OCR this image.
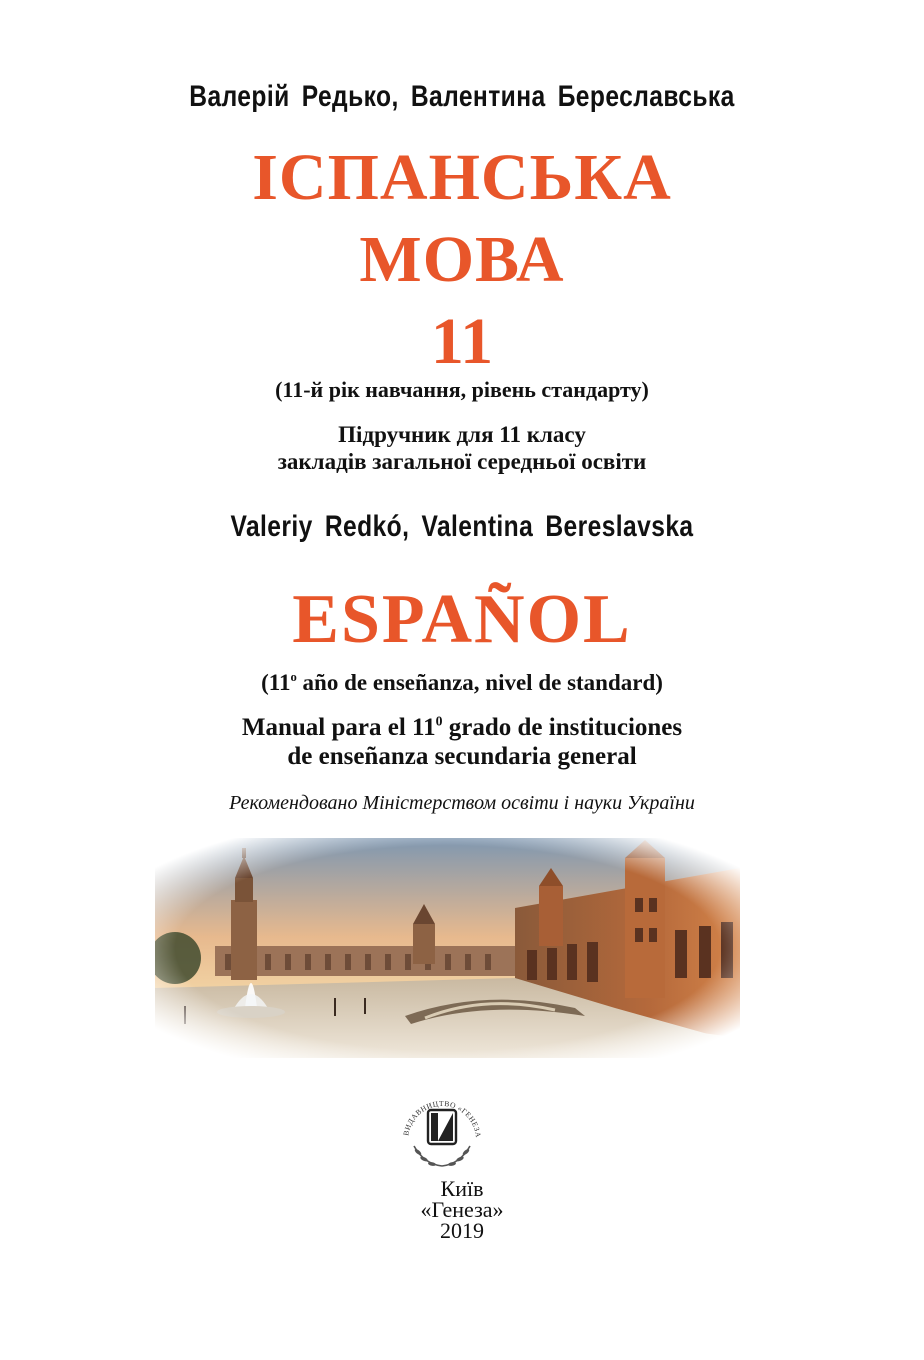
Валерій Редько, Валентина Береславська
ІСПАНСЬКА
МОВА
11
(11-й рік навчання, рівень стандарту)
Підручник для 11 класу
закладів загальної середньої освіти
Valeriy Redkó, Valentina Bereslavska
ESPAÑOL
(11$^o$ año de enseñanza, nivel de standard)
Manual para el $11^0$ grado de instituciones
de enseñanza secundaria general
Рекомендовано Міністерством освіти і науки України
ВИДАВНИЦТВО «ГЕНЕЗА
Київ
«Генеза»
2019
